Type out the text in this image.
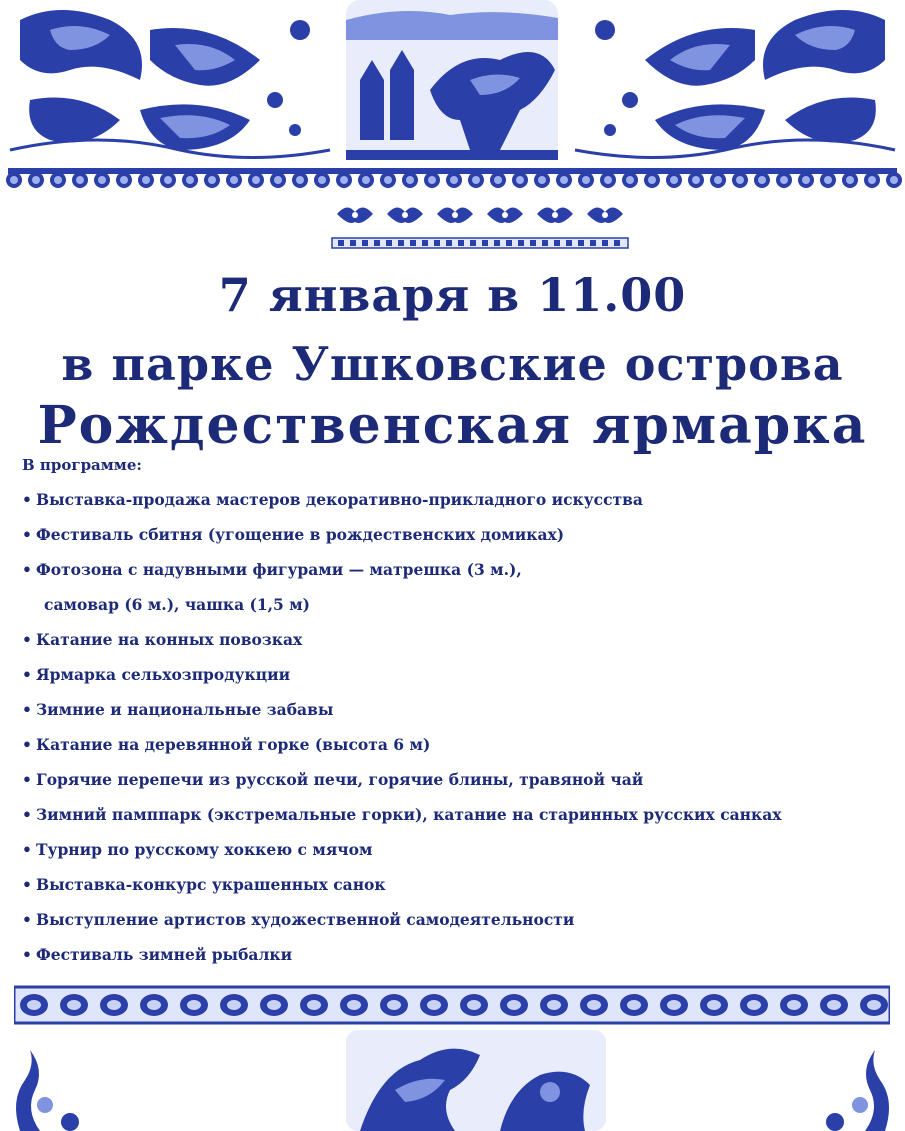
7 января в 11.00
в парке Ушковские острова
Рождественская ярмарка
В программе:
• Выставка-продажа мастеров декоративно-прикладного искусства
• Фестиваль сбитня (угощение в рождественских домиках)
• Фотозона с надувными фигурами — матрешка (3 м.),
самовар (6 м.), чашка (1,5 м)
• Катание на конных повозках
• Ярмарка сельхозпродукции
• Зимние и национальные забавы
• Катание на деревянной горке (высота 6 м)
• Горячие перепечи из русской печи, горячие блины, травяной чай
• Зимний памппарк (экстремальные горки), катание на старинных русских санках
• Турнир по русскому хоккею с мячом
• Выставка-конкурс украшенных санок
• Выступление артистов художественной самодеятельности
• Фестиваль зимней рыбалки
